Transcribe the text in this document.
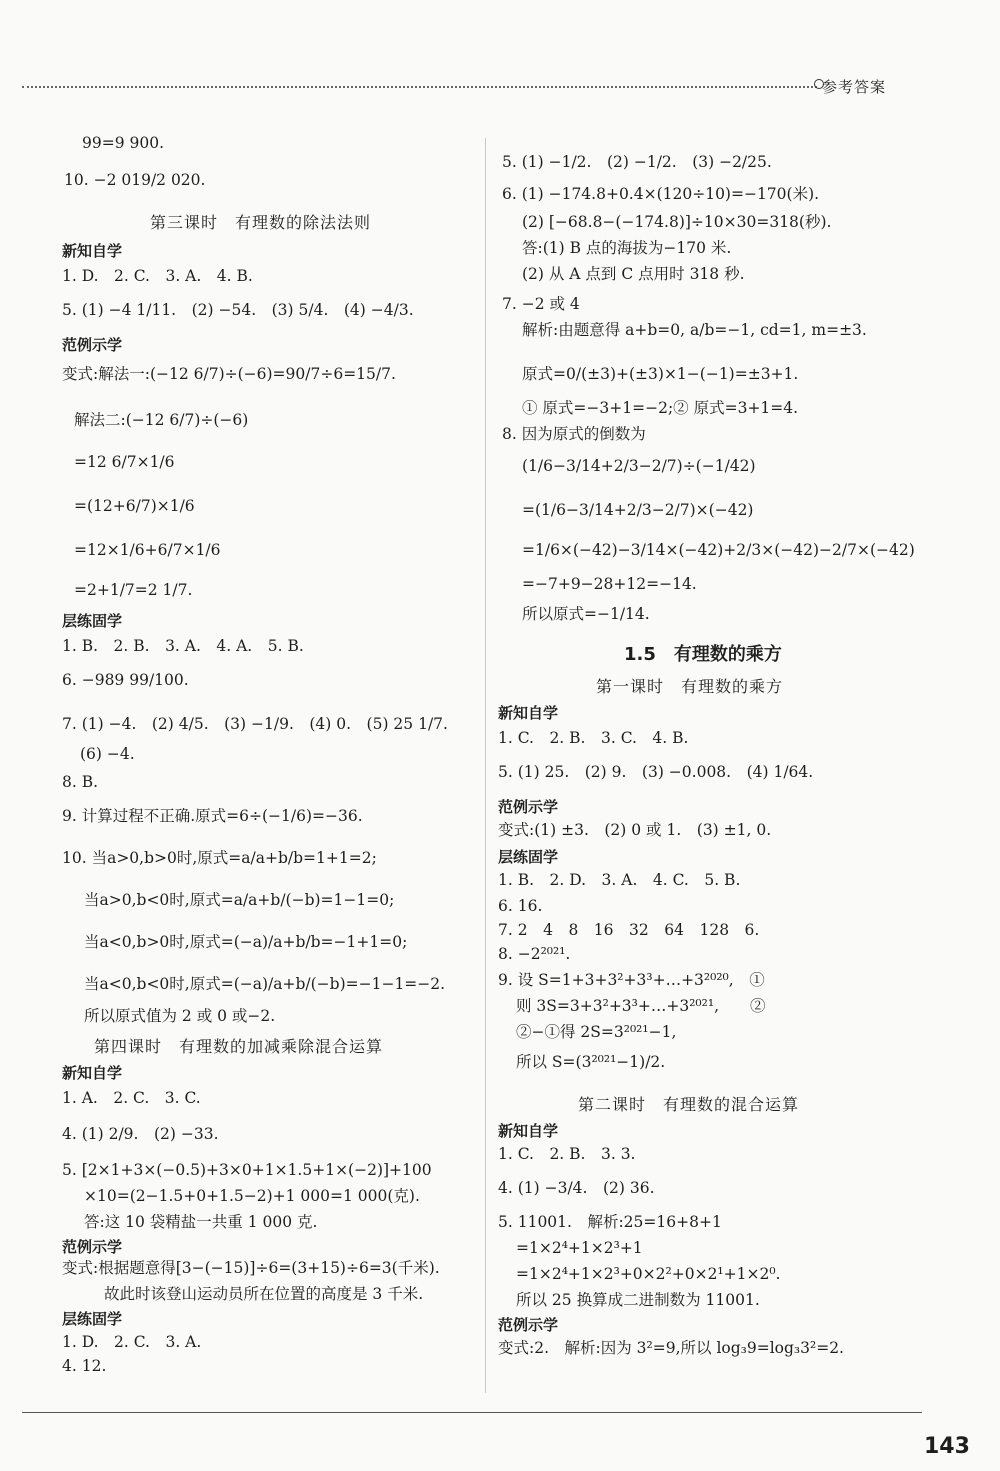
参考答案
99=9 900.
10. −2 019/2 020.
第三课时　有理数的除法法则
新知自学
1. D.　2. C.　3. A.　4. B.
5. (1) −4 1/11.　(2) −54.　(3) 5/4.　(4) −4/3.
范例示学
变式:解法一:(−12 6/7)÷(−6)=90/7÷6=15/7.
解法二:(−12 6/7)÷(−6)
=12 6/7×1/6
=(12+6/7)×1/6
=12×1/6+6/7×1/6
=2+1/7=2 1/7.
层练固学
1. B.　2. B.　3. A.　4. A.　5. B.
6. −989 99/100.
7. (1) −4.　(2) 4/5.　(3) −1/9.　(4) 0.　(5) 25 1/7.
(6) −4.
8. B.
9. 计算过程不正确.原式=6÷(−1/6)=−36.
10. 当a>0,b>0时,原式=a/a+b/b=1+1=2;
当a>0,b<0时,原式=a/a+b/(−b)=1−1=0;
当a<0,b>0时,原式=(−a)/a+b/b=−1+1=0;
当a<0,b<0时,原式=(−a)/a+b/(−b)=−1−1=−2.
所以原式值为 2 或 0 或−2.
第四课时　有理数的加减乘除混合运算
新知自学
1. A.　2. C.　3. C.
4. (1) 2/9.　(2) −33.
5. [2×1+3×(−0.5)+3×0+1×1.5+1×(−2)]+100
×10=(2−1.5+0+1.5−2)+1 000=1 000(克).
答:这 10 袋精盐一共重 1 000 克.
范例示学
变式:根据题意得[3−(−15)]÷6=(3+15)÷6=3(千米).
故此时该登山运动员所在位置的高度是 3 千米.
层练固学
1. D.　2. C.　3. A.
4. 12.
5. (1) −1/2.　(2) −1/2.　(3) −2/25.
6. (1) −174.8+0.4×(120÷10)=−170(米).
(2) [−68.8−(−174.8)]÷10×30=318(秒).
答:(1) B 点的海拔为−170 米.
(2) 从 A 点到 C 点用时 318 秒.
7. −2 或 4
解析:由题意得 a+b=0, a/b=−1, cd=1, m=±3.
原式=0/(±3)+(±3)×1−(−1)=±3+1.
① 原式=−3+1=−2;② 原式=3+1=4.
8. 因为原式的倒数为
(1/6−3/14+2/3−2/7)÷(−1/42)
=(1/6−3/14+2/3−2/7)×(−42)
=1/6×(−42)−3/14×(−42)+2/3×(−42)−2/7×(−42)
=−7+9−28+12=−14.
所以原式=−1/14.
1.5　有理数的乘方
第一课时　有理数的乘方
新知自学
1. C.　2. B.　3. C.　4. B.
5. (1) 25.　(2) 9.　(3) −0.008.　(4) 1/64.
范例示学
变式:(1) ±3.　(2) 0 或 1.　(3) ±1, 0.
层练固学
1. B.　2. D.　3. A.　4. C.　5. B.
6. 16.
7. 2　4　8　16　32　64　128　6.
8. −2²⁰²¹.
9. 设 S=1+3+3²+3³+…+3²⁰²⁰,　①
则 3S=3+3²+3³+…+3²⁰²¹,　　②
②−①得 2S=3²⁰²¹−1,
所以 S=(3²⁰²¹−1)/2.
第二课时　有理数的混合运算
新知自学
1. C.　2. B.　3. 3.
4. (1) −3/4.　(2) 36.
5. 11001.　解析:25=16+8+1
=1×2⁴+1×2³+1
=1×2⁴+1×2³+0×2²+0×2¹+1×2⁰.
所以 25 换算成二进制数为 11001.
范例示学
变式:2.　解析:因为 3²=9,所以 log₃9=log₃3²=2.
143
